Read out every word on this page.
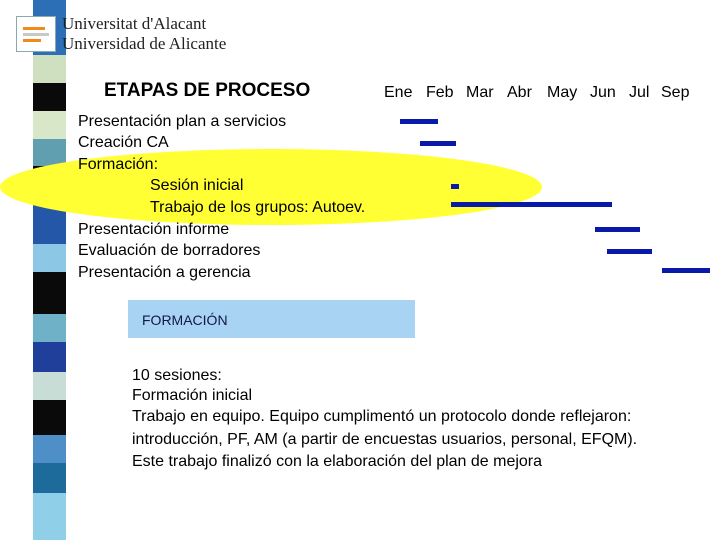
Universitat d'Alacant
Universidad de Alicante
ETAPAS DE PROCESO	Ene Feb Mar Abr May Jun Jul Sep
Presentación plan a servicios
Creación CA
Formación:
Sesión inicial
Trabajo de los grupos: Autoev.
Presentación informe
Evaluación de borradores
Presentación a gerencia
FORMACIÓN
10 sesiones:
Formación inicial
Trabajo en equipo. Equipo cumplimentó un protocolo donde reflejaron:
introducción, PF, AM (a partir de encuestas usuarios, personal, EFQM).
Este trabajo finalizó con la elaboración del plan de mejora
